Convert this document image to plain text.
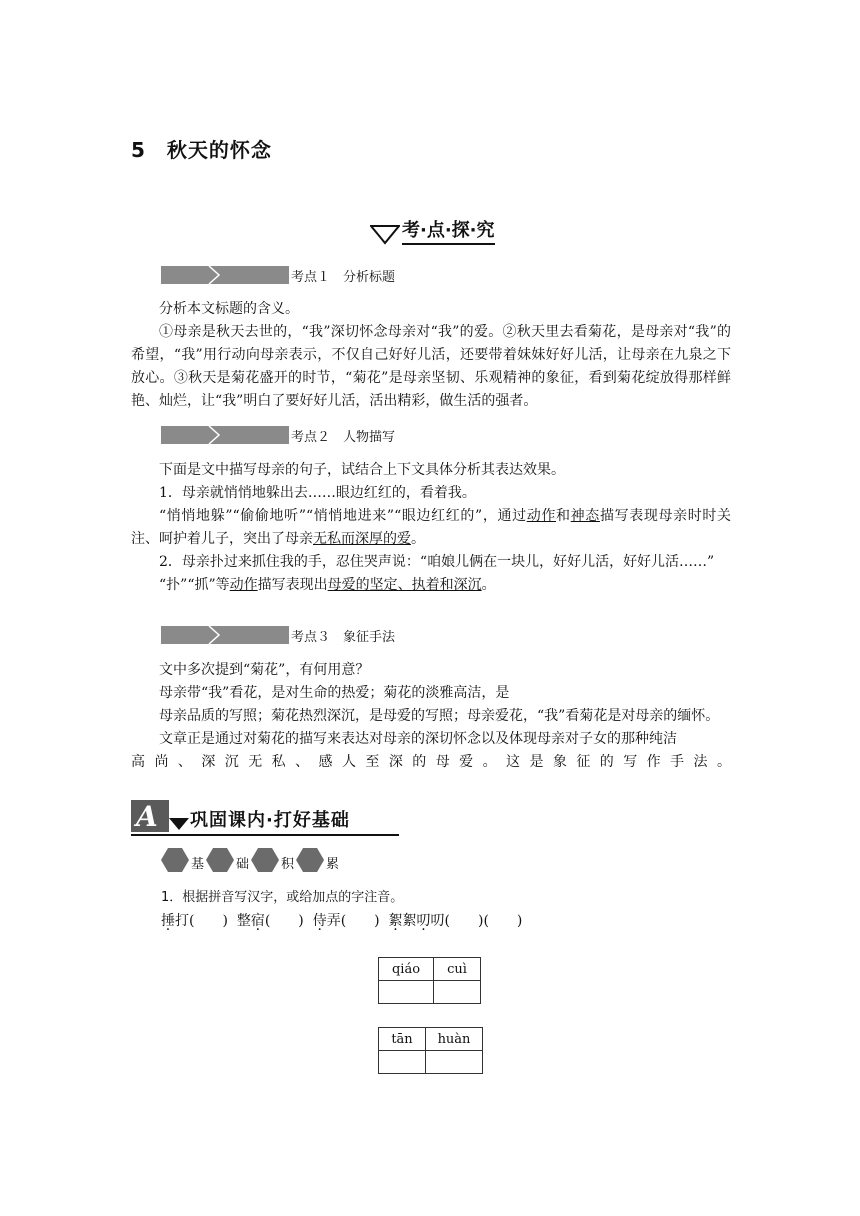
5　秋天的怀念
考·点·探·究
考点１　分析标题

分析本文标题的含义。

①母亲是秋天去世的，“我”深切怀念母亲对“我”的爱。②秋天里去看菊花，是母亲对“我”的希望，“我”用行动向母亲表示，不仅自己好好儿活，还要带着妹妹好好儿活，让母亲在九泉之下放心。③秋天是菊花盛开的时节，“菊花”是母亲坚韧、乐观精神的象征，看到菊花绽放得那样鲜艳、灿烂，让“我”明白了要好好儿活，活出精彩，做生活的强者。

考点２　人物描写

下面是文中描写母亲的句子，试结合上下文具体分析其表达效果。

1．母亲就悄悄地躲出去……眼边红红的，看着我。

“悄悄地躲”“偷偷地听”“悄悄地进来”“眼边红红的”，通过动作和神态描写表现母亲时时关注、呵护着儿子，突出了母亲无私而深厚的爱。

2．母亲扑过来抓住我的手，忍住哭声说：“咱娘儿俩在一块儿，好好儿活，好好儿活……”

“扑”“抓”等动作描写表现出母爱的坚定、执着和深沉。

考点３　象征手法

文中多次提到“菊花”，有何用意？

母亲带“我”看花，是对生命的热爱；菊花的淡雅高洁，是

母亲品质的写照；菊花热烈深沉，是母爱的写照；母亲爱花，“我”看菊花是对母亲的缅怀。

文章正是通过对菊花的描写来表达对母亲的深切怀念以及体现母亲对子女的那种纯洁

高尚、深沉无私、感人至深的母爱。这是象征的写作手法。

A 巩固课内·打好基础
基 础 积 累
1．根据拼音写汉字，或给加点的字注音。
捶打(　　) 整宿(　　) 侍弄(　　) 絮絮叨叨(　　)(　　)
qiáo	cuì

tān	huàn
